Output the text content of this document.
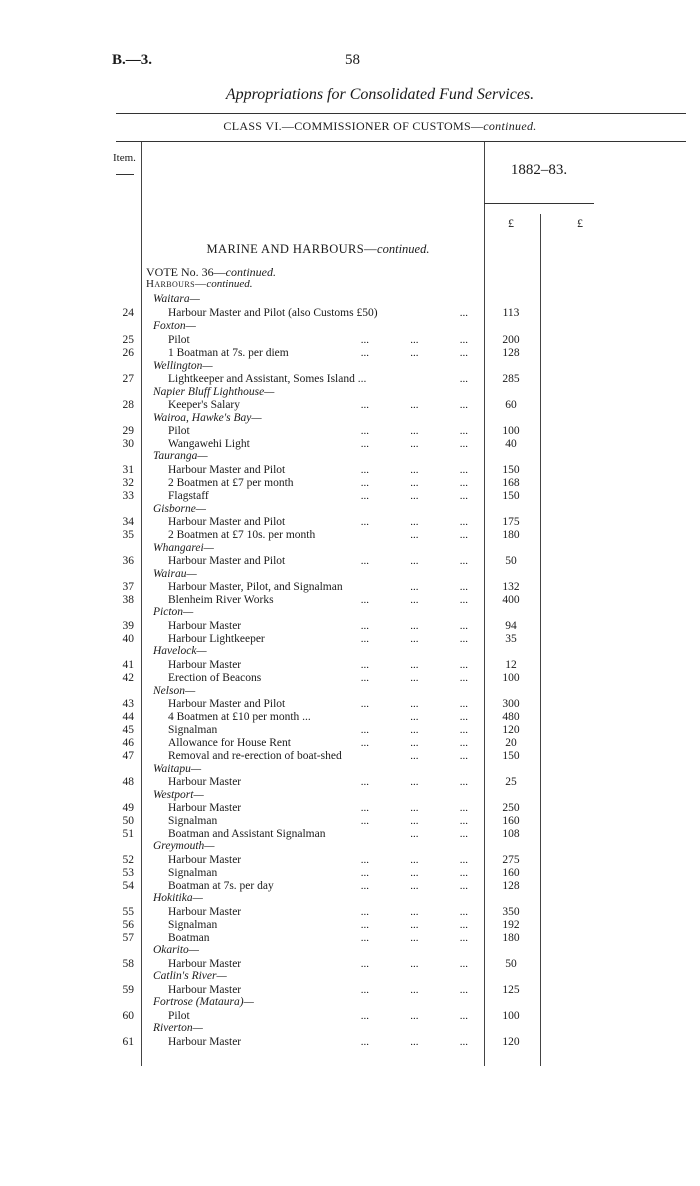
B.—3.	58
Appropriations for Consolidated Fund Services.
CLASS VI.—COMMISSIONER OF CUSTOMS—continued.
Item.
1882–83.
£	£
MARINE AND HARBOURS—continued.
VOTE No. 36—continued.
Harbours—continued.
Waitara—
Foxton—
Wellington—
Napier Bluff Lighthouse—
Wairoa, Hawke's Bay—
Tauranga—
Gisborne—
Whangarei—
Wairau—
Picton—
Havelock—
Nelson—
Waitapu—
Westport—
Greymouth—
Hokitika—
Okarito—
Catlin's River—
Fortrose (Mataura)—
Riverton—
24	Harbour Master and Pilot (also Customs £50)	...	113
25	Pilot	...               ...               ...	200
26	1 Boatman at 7s. per diem	...               ...               ...	128
27	Lightkeeper and Assistant, Somes Island ...	...	285
28	Keeper's Salary	...               ...               ...	60
29	Pilot	...               ...               ...	100
30	Wangawehi Light	...               ...               ...	40
31	Harbour Master and Pilot	...               ...               ...	150
32	2 Boatmen at £7 per month	...               ...               ...	168
33	Flagstaff	...               ...               ...	150
34	Harbour Master and Pilot	...               ...               ...	175
35	2 Boatmen at £7 10s. per month	...               ...	180
36	Harbour Master and Pilot	...               ...               ...	50
37	Harbour Master, Pilot, and Signalman	...               ...	132
38	Blenheim River Works	...               ...               ...	400
39	Harbour Master	...               ...               ...	94
40	Harbour Lightkeeper	...               ...               ...	35
41	Harbour Master	...               ...               ...	12
42	Erection of Beacons	...               ...               ...	100
43	Harbour Master and Pilot	...               ...               ...	300
44	4 Boatmen at £10 per month ...	...               ...	480
45	Signalman	...               ...               ...	120
46	Allowance for House Rent	...               ...               ...	20
47	Removal and re-erection of boat-shed	...               ...	150
48	Harbour Master	...               ...               ...	25
49	Harbour Master	...               ...               ...	250
50	Signalman	...               ...               ...	160
51	Boatman and Assistant Signalman	...               ...	108
52	Harbour Master	...               ...               ...	275
53	Signalman	...               ...               ...	160
54	Boatman at 7s. per day	...               ...               ...	128
55	Harbour Master	...               ...               ...	350
56	Signalman	...               ...               ...	192
57	Boatman	...               ...               ...	180
58	Harbour Master	...               ...               ...	50
59	Harbour Master	...               ...               ...	125
60	Pilot	...               ...               ...	100
61	Harbour Master	...               ...               ...	120
